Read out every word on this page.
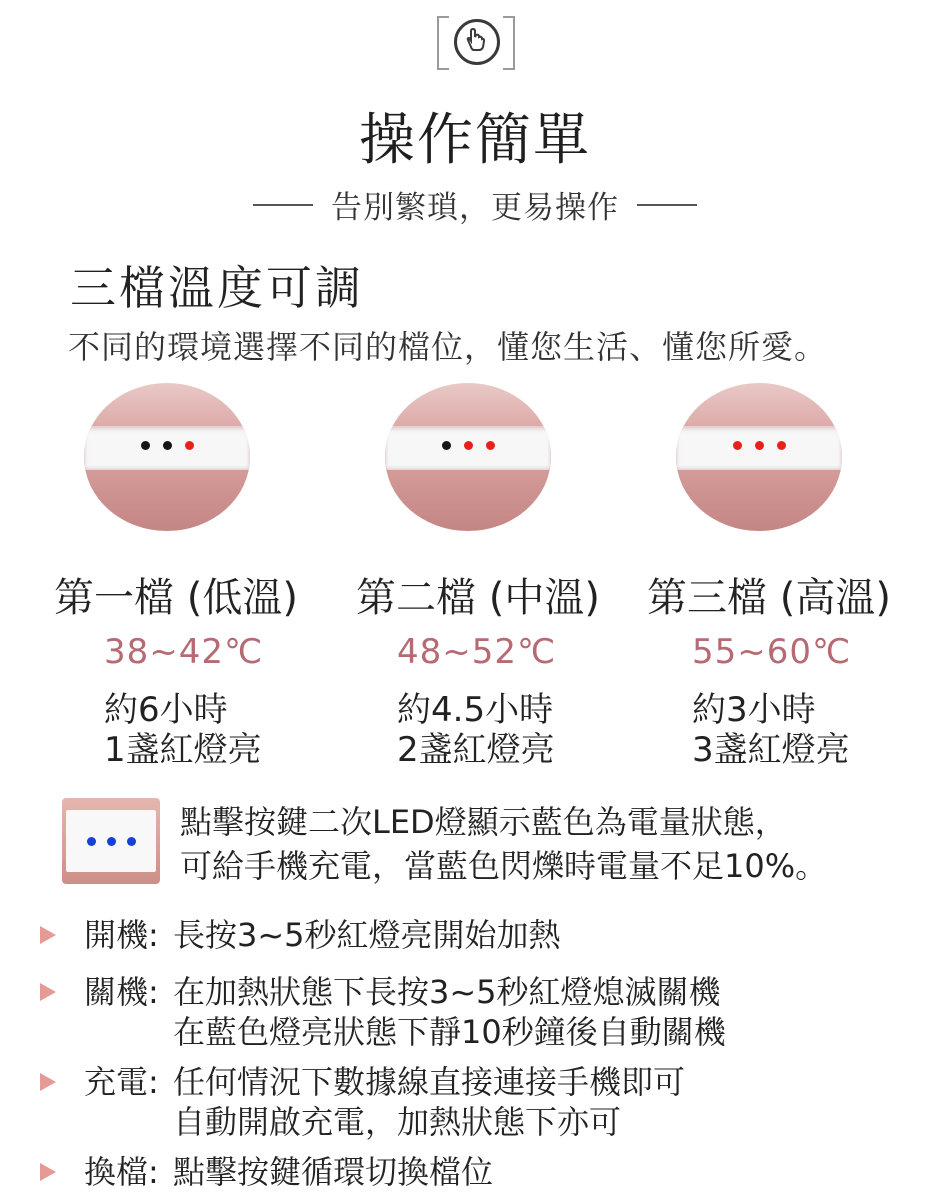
操作簡單
告別繁瑣，更易操作
三檔溫度可調
不同的環境選擇不同的檔位，懂您生活、懂您所愛。
第一檔 (低溫) 第二檔 (中溫) 第三檔 (高溫)
38~42℃	48~52℃	55~60℃
約6小時
1盞紅燈亮
約4.5小時
2盞紅燈亮
約3小時
3盞紅燈亮
點擊按鍵二次LED燈顯示藍色為電量狀態，
可給手機充電，當藍色閃爍時電量不足10%。
開機: 長按3~5秒紅燈亮開始加熱
關機: 在加熱狀態下長按3~5秒紅燈熄滅關機
在藍色燈亮狀態下靜10秒鐘後自動關機
充電: 任何情況下數據線直接連接手機即可
自動開啟充電，加熱狀態下亦可
換檔: 點擊按鍵循環切換檔位
